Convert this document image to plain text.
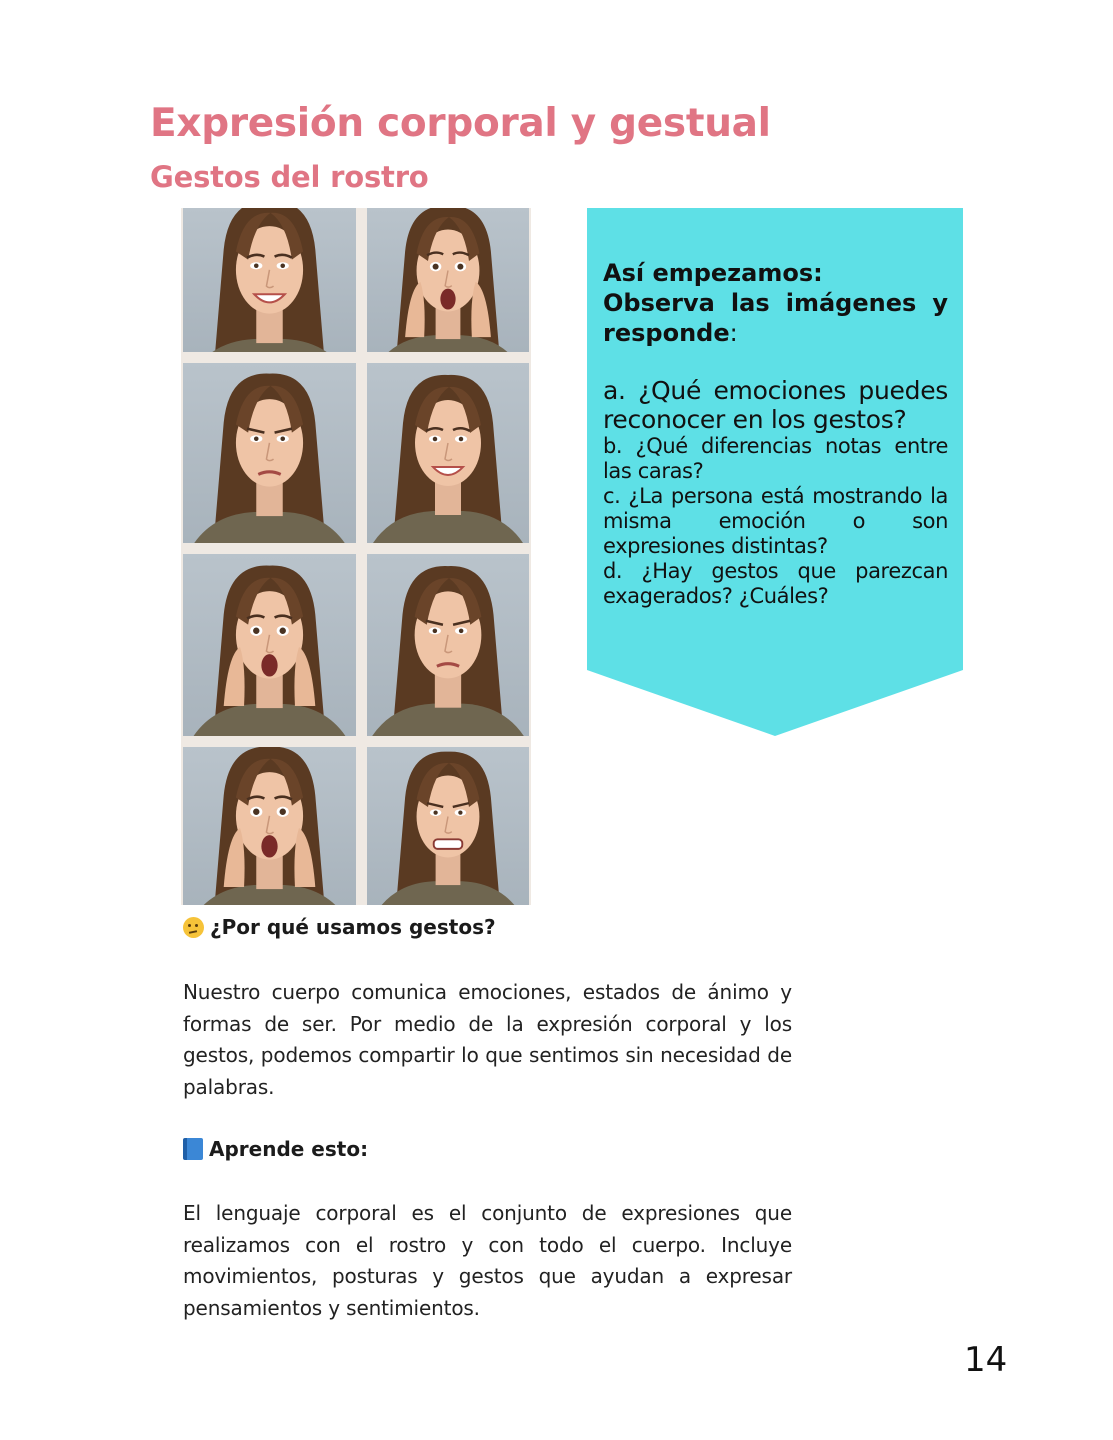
Expresión corporal y gestual
Gestos del rostro

Así empezamos:

Observa las imágenes y responde:

a. ¿Qué emociones puedes reconocer en los gestos?

b. ¿Qué diferencias notas entre las caras?

c. ¿La persona está mostrando la misma emoción o son expresiones distintas?

d. ¿Hay gestos que parezcan exagerados? ¿Cuáles?

¿Por qué usamos gestos?

Nuestro cuerpo comunica emociones, estados de ánimo y formas de ser. Por medio de la expresión corporal y los gestos, podemos compartir lo que sentimos sin necesidad de palabras.

Aprende esto:

El lenguaje corporal es el conjunto de expresiones que realizamos con el rostro y con todo el cuerpo. Incluye movimientos, posturas y gestos que ayudan a expresar pensamientos y sentimientos.

14
